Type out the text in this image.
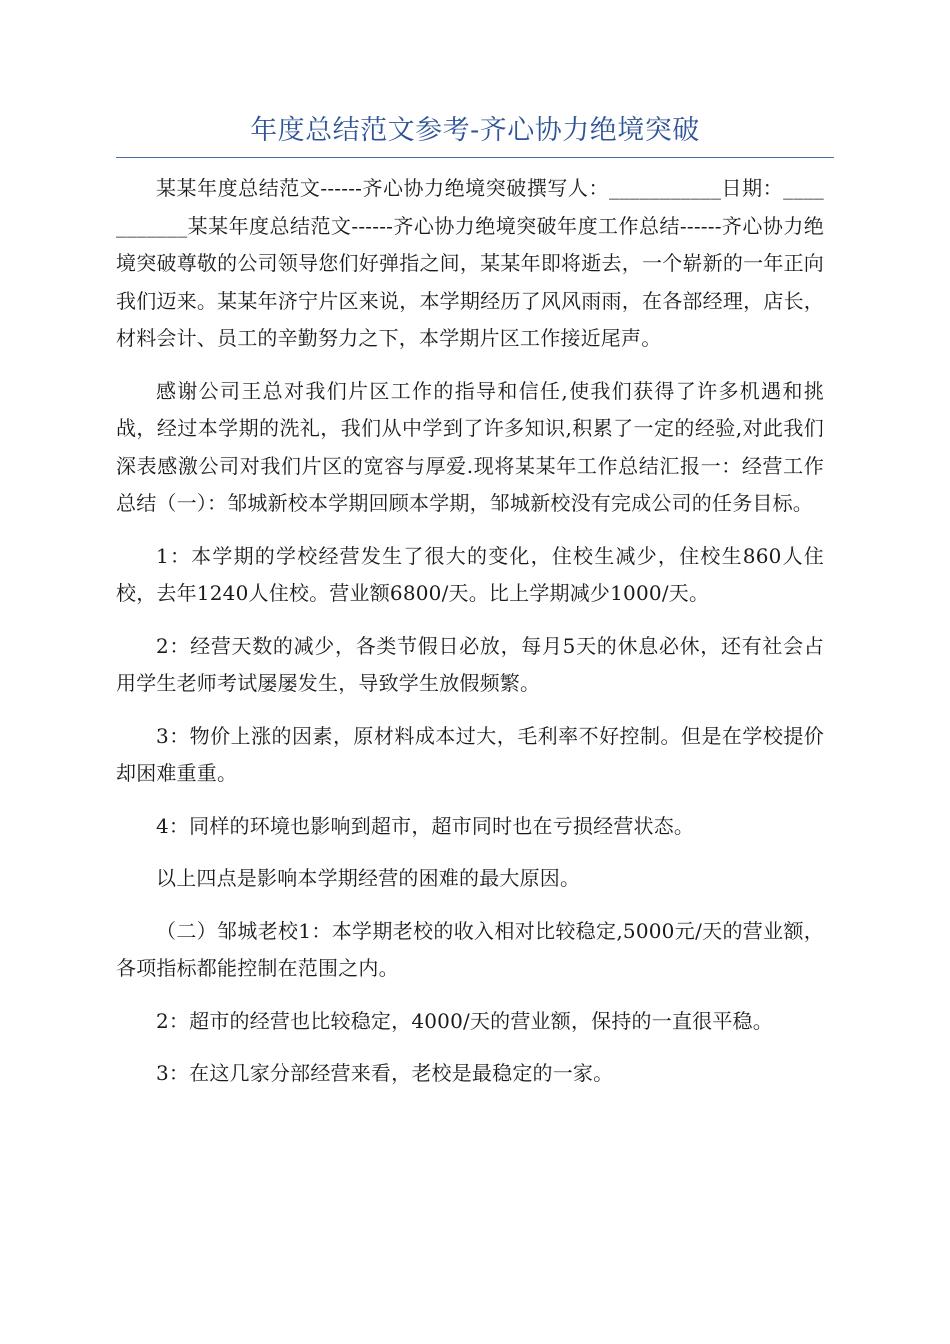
年度总结范文参考-齐心协力绝境突破

某某年度总结范文------齐心协力绝境突破撰写人：___________日期：___________某某年度总结范文------齐心协力绝境突破年度工作总结------齐心协力绝境突破尊敬的公司领导您们好弹指之间，某某年即将逝去，一个崭新的一年正向我们迈来。某某年济宁片区来说，本学期经历了风风雨雨，在各部经理，店长，材料会计、员工的辛勤努力之下，本学期片区工作接近尾声。

感谢公司王总对我们片区工作的指导和信任,使我们获得了许多机遇和挑战，经过本学期的洗礼，我们从中学到了许多知识,积累了一定的经验,对此我们深表感激公司对我们片区的宽容与厚爱.现将某某年工作总结汇报一：经营工作总结（一）：邹城新校本学期回顾本学期，邹城新校没有完成公司的任务目标。

1：本学期的学校经营发生了很大的变化，住校生减少，住校生860人住校，去年1240人住校。营业额6800/天。比上学期减少1000/天。

2：经营天数的减少，各类节假日必放，每月5天的休息必休，还有社会占用学生老师考试屡屡发生，导致学生放假频繁。

3：物价上涨的因素，原材料成本过大，毛利率不好控制。但是在学校提价却困难重重。

4：同样的环境也影响到超市，超市同时也在亏损经营状态。

以上四点是影响本学期经营的困难的最大原因。

（二）邹城老校1：本学期老校的收入相对比较稳定,5000元/天的营业额，各项指标都能控制在范围之内。

2：超市的经营也比较稳定，4000/天的营业额，保持的一直很平稳。

3：在这几家分部经营来看，老校是最稳定的一家。
